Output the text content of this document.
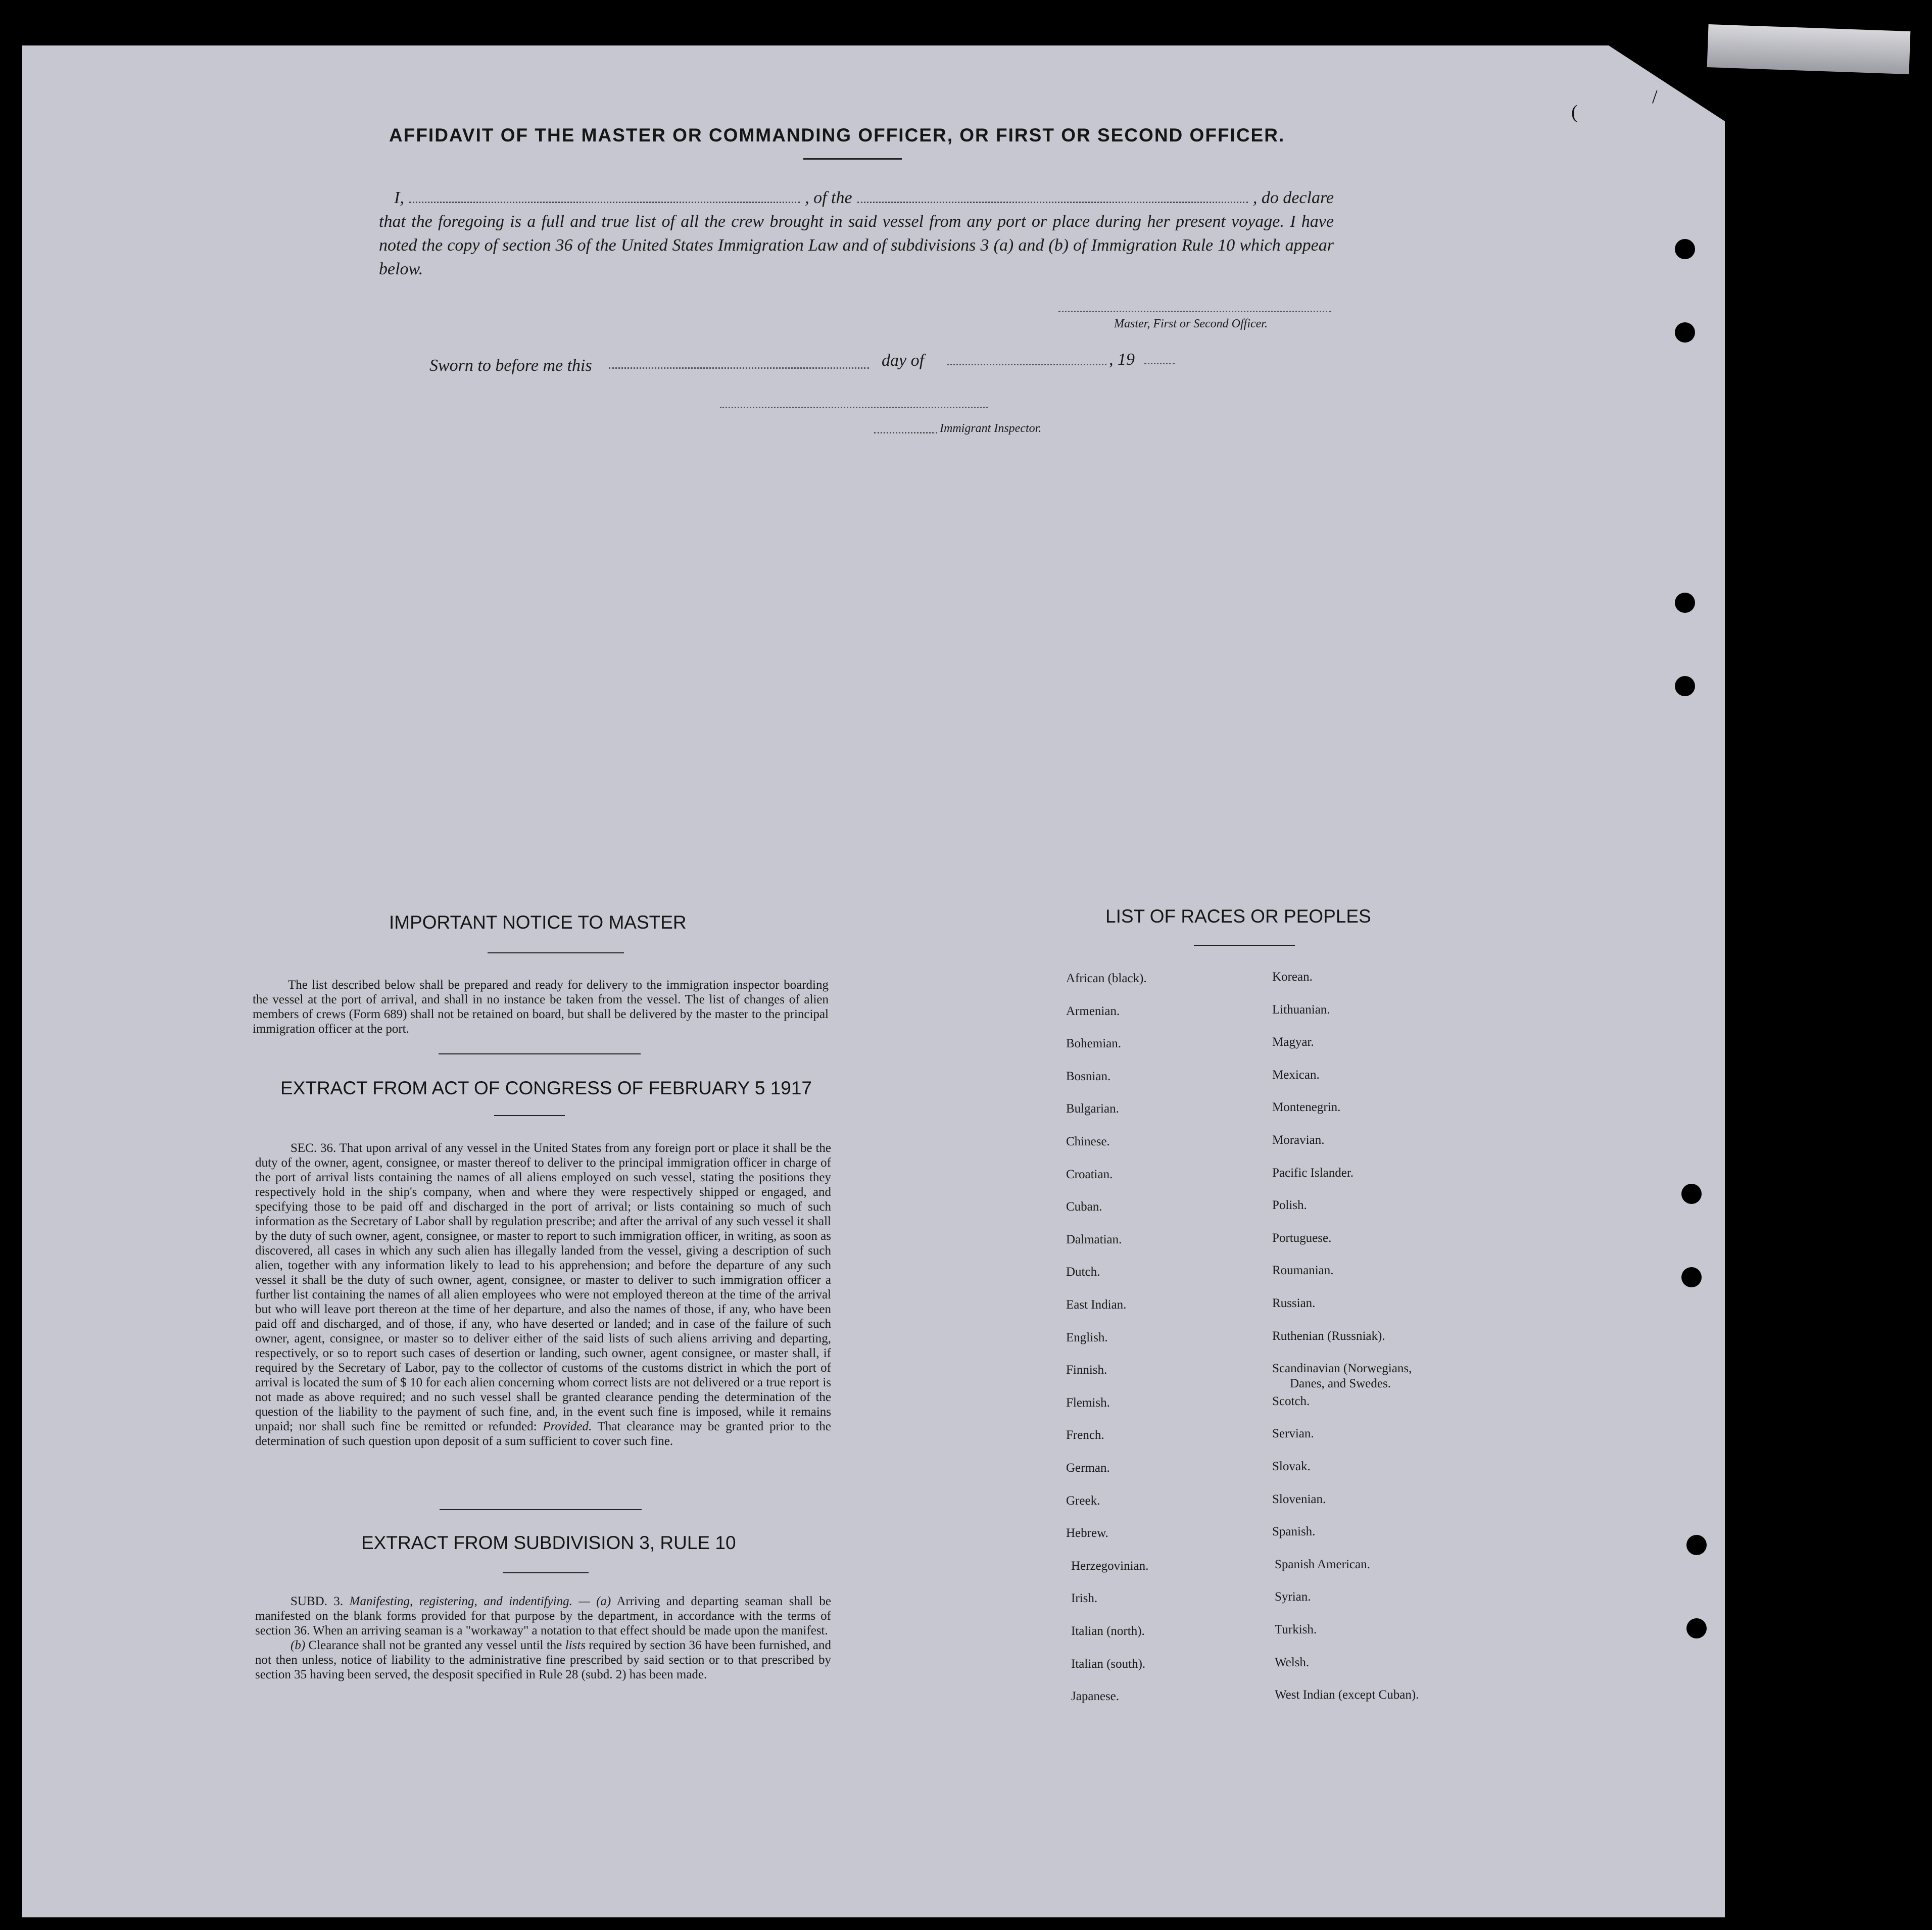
AFFIDAVIT OF THE MASTER OR COMMANDING OFFICER, OR FIRST OR SECOND OFFICER.
I,	, of the	, do declare
that the foregoing is a full and true list of all the crew brought in said vessel from any port or place during her present voyage. I have noted the copy of section 36 of the United States Immigration Law and of subdivisions 3 (a) and (b) of Immigration Rule 10 which appear below.
Master, First or Second Officer.
Sworn to before me this	day of	, 19
Immigrant Inspector.
IMPORTANT NOTICE TO MASTER
The list described below shall be prepared and ready for delivery to the immigration inspector boarding the vessel at the port of arrival, and shall in no instance be taken from the vessel. The list of changes of alien members of crews (Form 689) shall not be retained on board, but shall be delivered by the master to the principal immigration officer at the port.
EXTRACT FROM ACT OF CONGRESS OF FEBRUARY 5 1917
SEC. 36. That upon arrival of any vessel in the United States from any foreign port or place it shall be the duty of the owner, agent, consignee, or master thereof to deliver to the principal immigration officer in charge of the port of arrival lists containing the names of all aliens employed on such vessel, stating the positions they respectively hold in the ship's company, when and where they were respectively shipped or engaged, and specifying those to be paid off and discharged in the port of arrival; or lists containing so much of such information as the Secretary of Labor shall by regulation prescribe; and after the arrival of any such vessel it shall by the duty of such owner, agent, consignee, or master to report to such immigration officer, in writing, as soon as discovered, all cases in which any such alien has illegally landed from the vessel, giving a description of such alien, together with any information likely to lead to his apprehension; and before the departure of any such vessel it shall be the duty of such owner, agent, consignee, or master to deliver to such immigration officer a further list containing the names of all alien employees who were not employed thereon at the time of the arrival but who will leave port thereon at the time of her departure, and also the names of those, if any, who have been paid off and discharged, and of those, if any, who have deserted or landed; and in case of the failure of such owner, agent, consignee, or master so to deliver either of the said lists of such aliens arriving and departing, respectively, or so to report such cases of desertion or landing, such owner, agent consignee, or master shall, if required by the Secretary of Labor, pay to the collector of customs of the customs district in which the port of arrival is located the sum of $ 10 for each alien concerning whom correct lists are not delivered or a true report is not made as above required; and no such vessel shall be granted clearance pending the determination of the question of the liability to the payment of such fine, and, in the event such fine is imposed, while it remains unpaid; nor shall such fine be remitted or refunded: Provided. That clearance may be granted prior to the determination of such question upon deposit of a sum sufficient to cover such fine.
EXTRACT FROM SUBDIVISION 3, RULE 10

SUBD. 3. Manifesting, registering, and indentifying. — (a) Arriving and departing seaman shall be manifested on the blank forms provided for that purpose by the department, in accordance with the terms of section 36. When an arriving seaman is a "workaway" a notation to that effect should be made upon the manifest.

(b) Clearance shall not be granted any vessel until the lists required by section 36 have been furnished, and not then unless, notice of liability to the administrative fine prescribed by said section or to that prescribed by section 35 having been served, the desposit specified in Rule 28 (subd. 2) has been made.

LIST OF RACES OR PEOPLES
African (black).
Armenian.
Bohemian.
Bosnian.
Bulgarian.
Chinese.
Croatian.
Cuban.
Dalmatian.
Dutch.
East Indian.
English.
Finnish.
Flemish.
French.
German.
Greek.
Hebrew.
Herzegovinian.
Irish.
Italian (north).
Italian (south).
Japanese.
Korean.
Lithuanian.
Magyar.
Mexican.
Montenegrin.
Moravian.
Pacific Islander.
Polish.
Portuguese.
Roumanian.
Russian.
Ruthenian (Russniak).
Scandinavian (Norwegians,
Danes, and Swedes.
Scotch.
Servian.
Slovak.
Slovenian.
Spanish.
Spanish American.
Syrian.
Turkish.
Welsh.
West Indian (except Cuban).
(
/
